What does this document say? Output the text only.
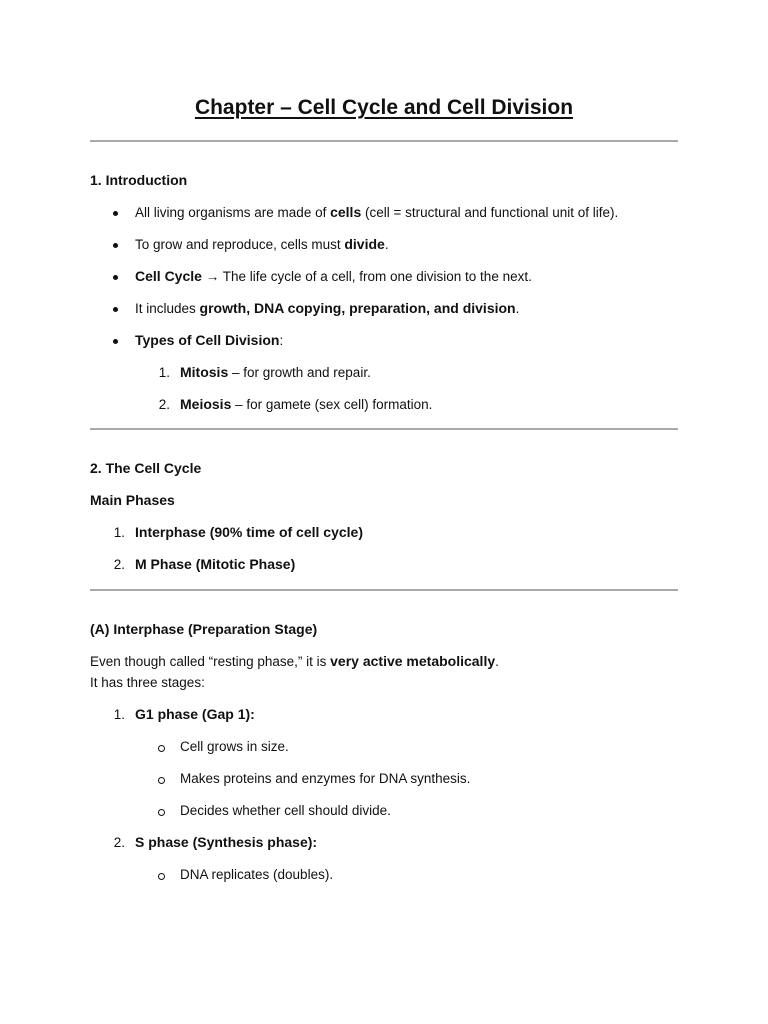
Chapter – Cell Cycle and Cell Division
1. Introduction
All living organisms are made of cells (cell = structural and functional unit of life).
To grow and reproduce, cells must divide.
Cell Cycle → The life cycle of a cell, from one division to the next.
It includes growth, DNA copying, preparation, and division.
Types of Cell Division:
1. Mitosis – for growth and repair.
2. Meiosis – for gamete (sex cell) formation.
2. The Cell Cycle
Main Phases
1. Interphase (90% time of cell cycle)
2. M Phase (Mitotic Phase)
(A) Interphase (Preparation Stage)
Even though called “resting phase,” it is very active metabolically.
It has three stages:
1. G1 phase (Gap 1):
Cell grows in size.
Makes proteins and enzymes for DNA synthesis.
Decides whether cell should divide.
2. S phase (Synthesis phase):
DNA replicates (doubles).
